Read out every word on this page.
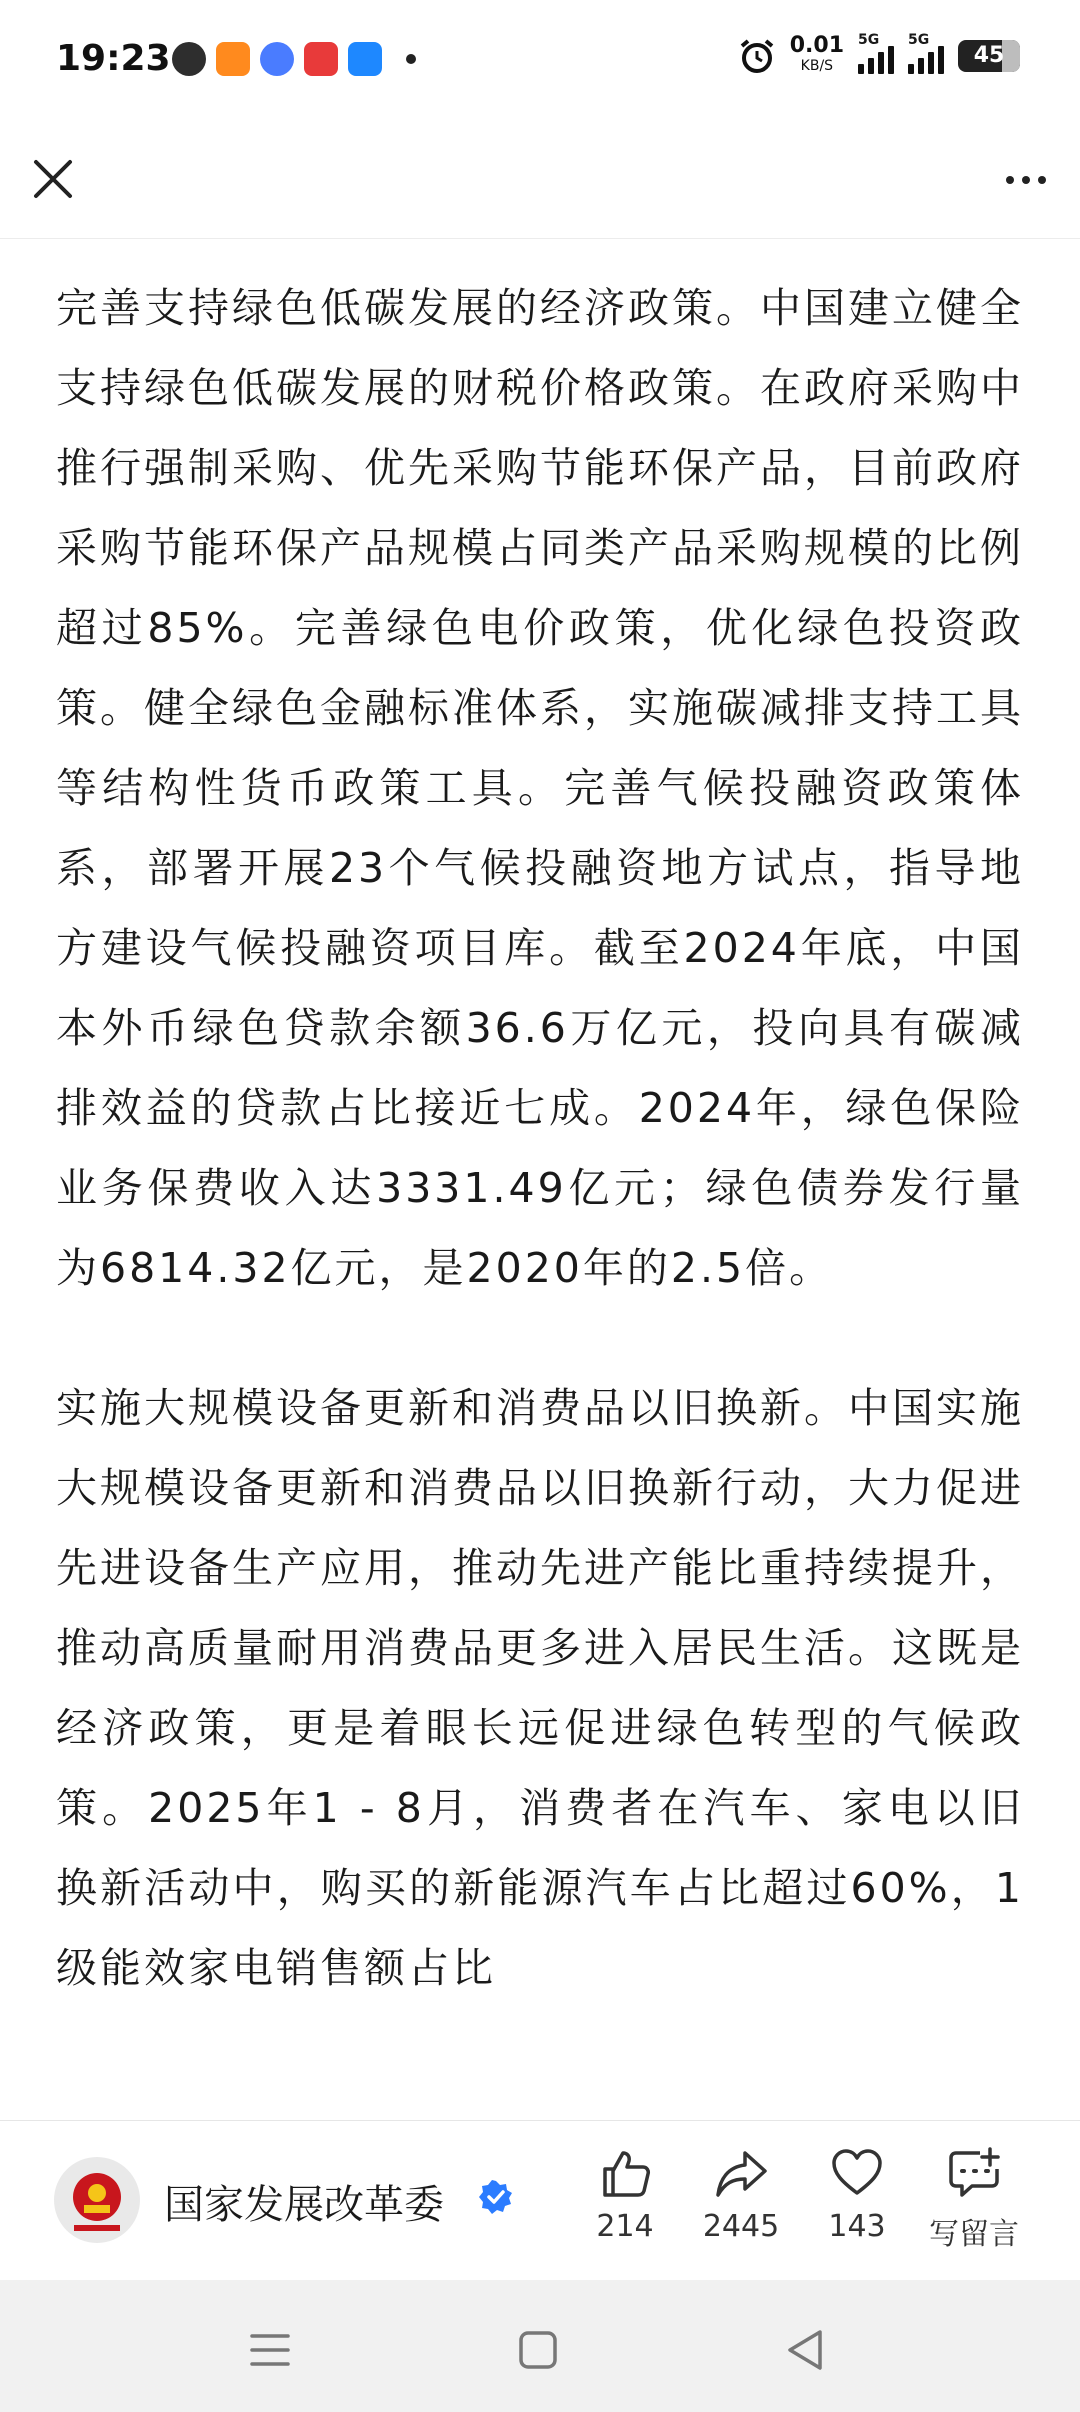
19:23	0.01
KB/S
5G 5G
45

完善支持绿色低碳发展的经济政策。中国建立健全支持绿色低碳发展的财税价格政策。在政府采购中推行强制采购、优先采购节能环保产品，目前政府采购节能环保产品规模占同类产品采购规模的比例超过85%。完善绿色电价政策，优化绿色投资政策。健全绿色金融标准体系，实施碳减排支持工具等结构性货币政策工具。完善气候投融资政策体系，部署开展23个气候投融资地方试点，指导地方建设气候投融资项目库。截至2024年底，中国本外币绿色贷款余额36.6万亿元，投向具有碳减排效益的贷款占比接近七成。2024年，绿色保险业务保费收入达3331.49亿元；绿色债券发行量为6814.32亿元，是2020年的2.5倍。

实施大规模设备更新和消费品以旧换新。中国实施大规模设备更新和消费品以旧换新行动，大力促进先进设备生产应用，推动先进产能比重持续提升，推动高质量耐用消费品更多进入居民生活。这既是经济政策，更是着眼长远促进绿色转型的气候政策。2025年1 - 8月，消费者在汽车、家电以旧换新活动中，购买的新能源汽车占比超过60%，1级能效家电销售额占比

国家发展改革委	214	2445	143	写留言
